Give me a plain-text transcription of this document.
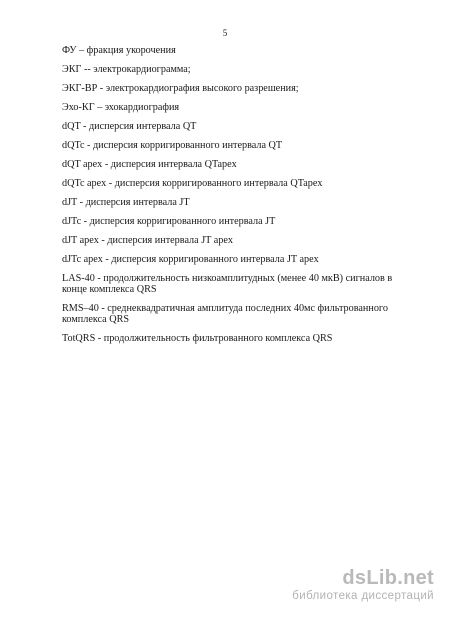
5
ФУ – фракция укорочения
ЭКГ -- электрокардиограмма;
ЭКГ-ВР - электрокардиография высокого разрешения;
Эхо-КГ – эхокардиография
dQT - дисперсия интервала QT
dQTc - дисперсия корригированного интервала QT
dQT apex - дисперсия интервала QTapex
dQTc apex - дисперсия корригированного интервала QTapex
dJT - дисперсия интервала JT
dJTc - дисперсия корригированного интервала JT
dJT apex - дисперсия интервала JT apex
dJTc apex - дисперсия корригированного интервала JT apex
LAS-40 - продолжительность низкоамплитудных (менее 40 мкВ) сигналов в конце комплекса QRS
RMS–40 - среднеквадратичная амплитуда последних 40мс фильтрованного комплекса QRS
TotQRS - продолжительность фильтрованного комплекса QRS
dsLib.net
библиотека диссертаций
